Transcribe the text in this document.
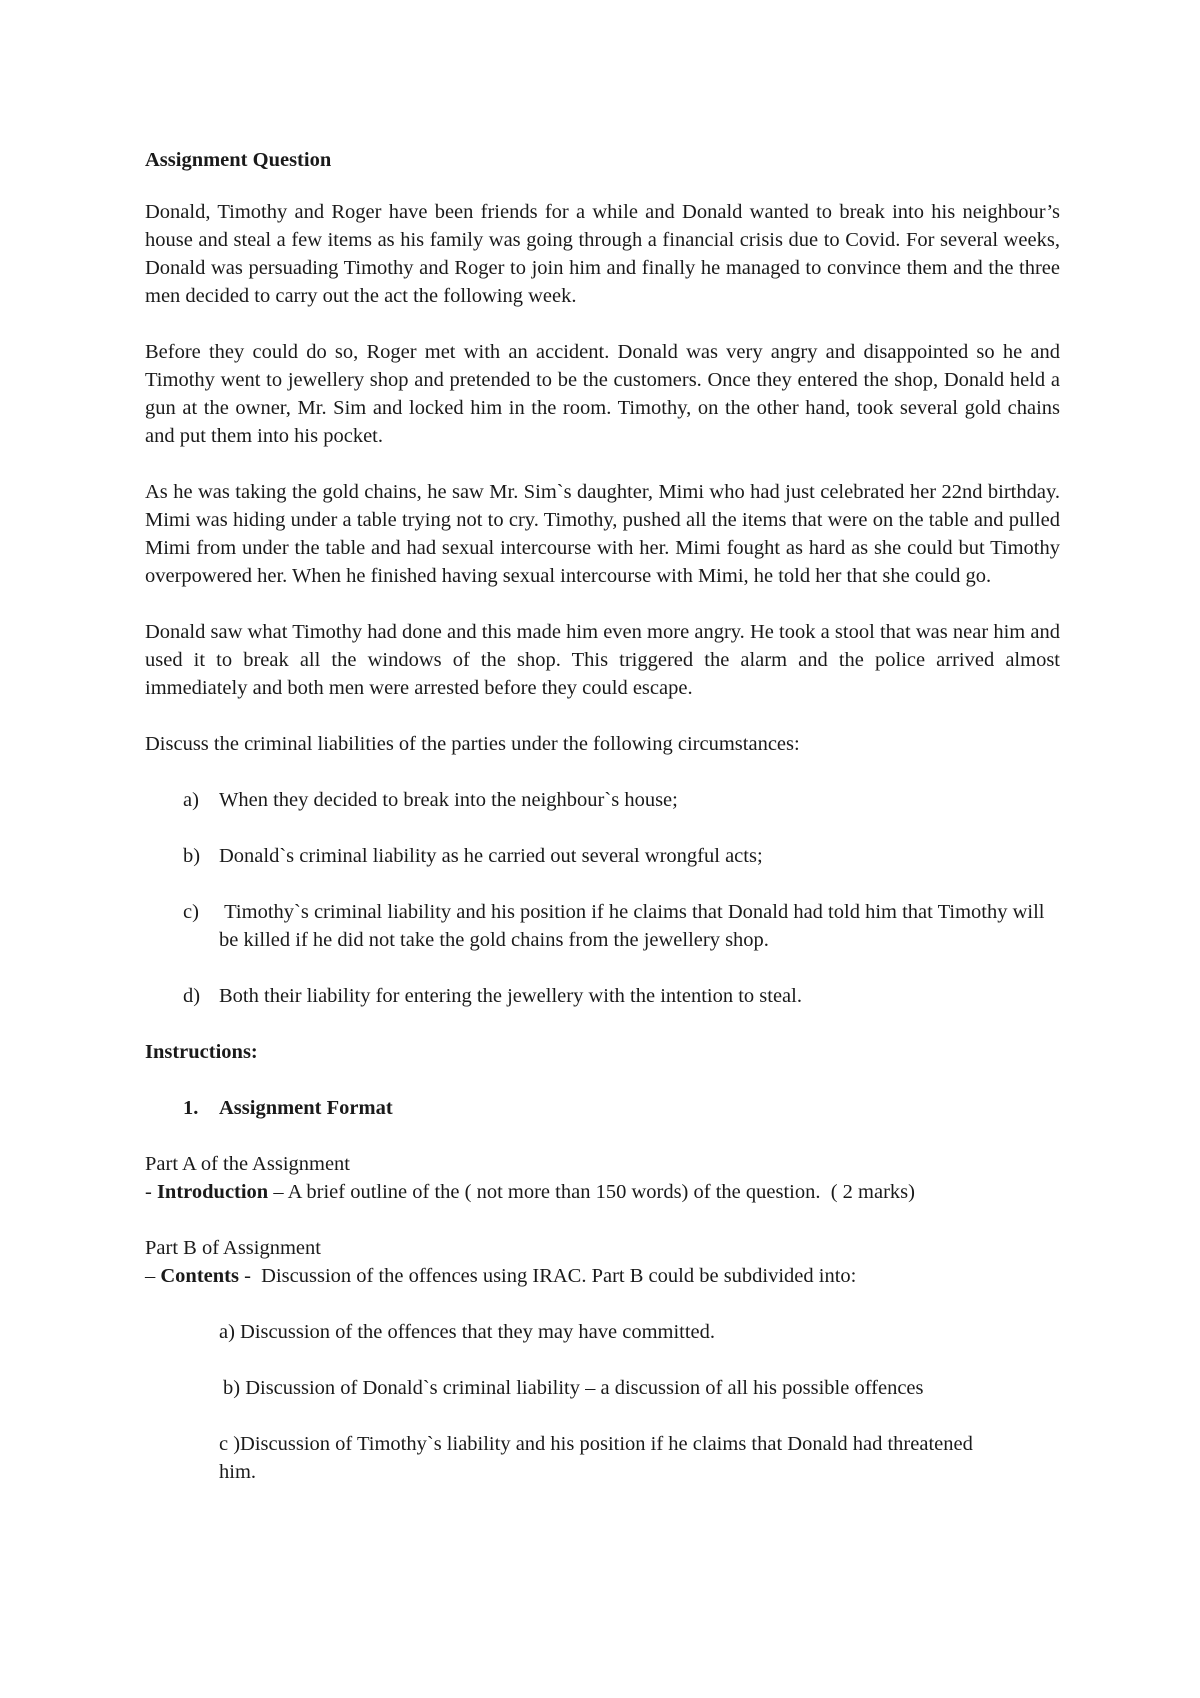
Assignment Question

Donald, Timothy and Roger have been friends for a while and Donald wanted to break into his neighbour’s house and steal a few items as his family was going through a financial crisis due to Covid. For several weeks, Donald was persuading Timothy and Roger to join him and finally he managed to convince them and the three men decided to carry out the act the following week.

Before they could do so, Roger met with an accident. Donald was very angry and disappointed so he and Timothy went to jewellery shop and pretended to be the customers. Once they entered the shop, Donald held a gun at the owner, Mr. Sim and locked him in the room. Timothy, on the other hand, took several gold chains and put them into his pocket.

As he was taking the gold chains, he saw Mr. Sim`s daughter, Mimi who had just celebrated her 22nd birthday. Mimi was hiding under a table trying not to cry. Timothy, pushed all the items that were on the table and pulled Mimi from under the table and had sexual intercourse with her. Mimi fought as hard as she could but Timothy overpowered her. When he finished having sexual intercourse with Mimi, he told her that she could go.

Donald saw what Timothy had done and this made him even more angry. He took a stool that was near him and used it to break all the windows of the shop. This triggered the alarm and the police arrived almost immediately and both men were arrested before they could escape.

Discuss the criminal liabilities of the parties under the following circumstances:

a) When they decided to break into the neighbour`s house;
b) Donald`s criminal liability as he carried out several wrongful acts;
c) Timothy`s criminal liability and his position if he claims that Donald had told him that Timothy will be killed if he did not take the gold chains from the jewellery shop.
d) Both their liability for entering the jewellery with the intention to steal.
Instructions:
1.	Assignment Format
Part A of the Assignment
- Introduction – A brief outline of the ( not more than 150 words) of the question.  ( 2 marks)
Part B of Assignment
– Contents -  Discussion of the offences using IRAC. Part B could be subdivided into:
a) Discussion of the offences that they may have committed.
b) Discussion of Donald`s criminal liability – a discussion of all his possible offences
c )Discussion of Timothy`s liability and his position if he claims that Donald had threatened him.
